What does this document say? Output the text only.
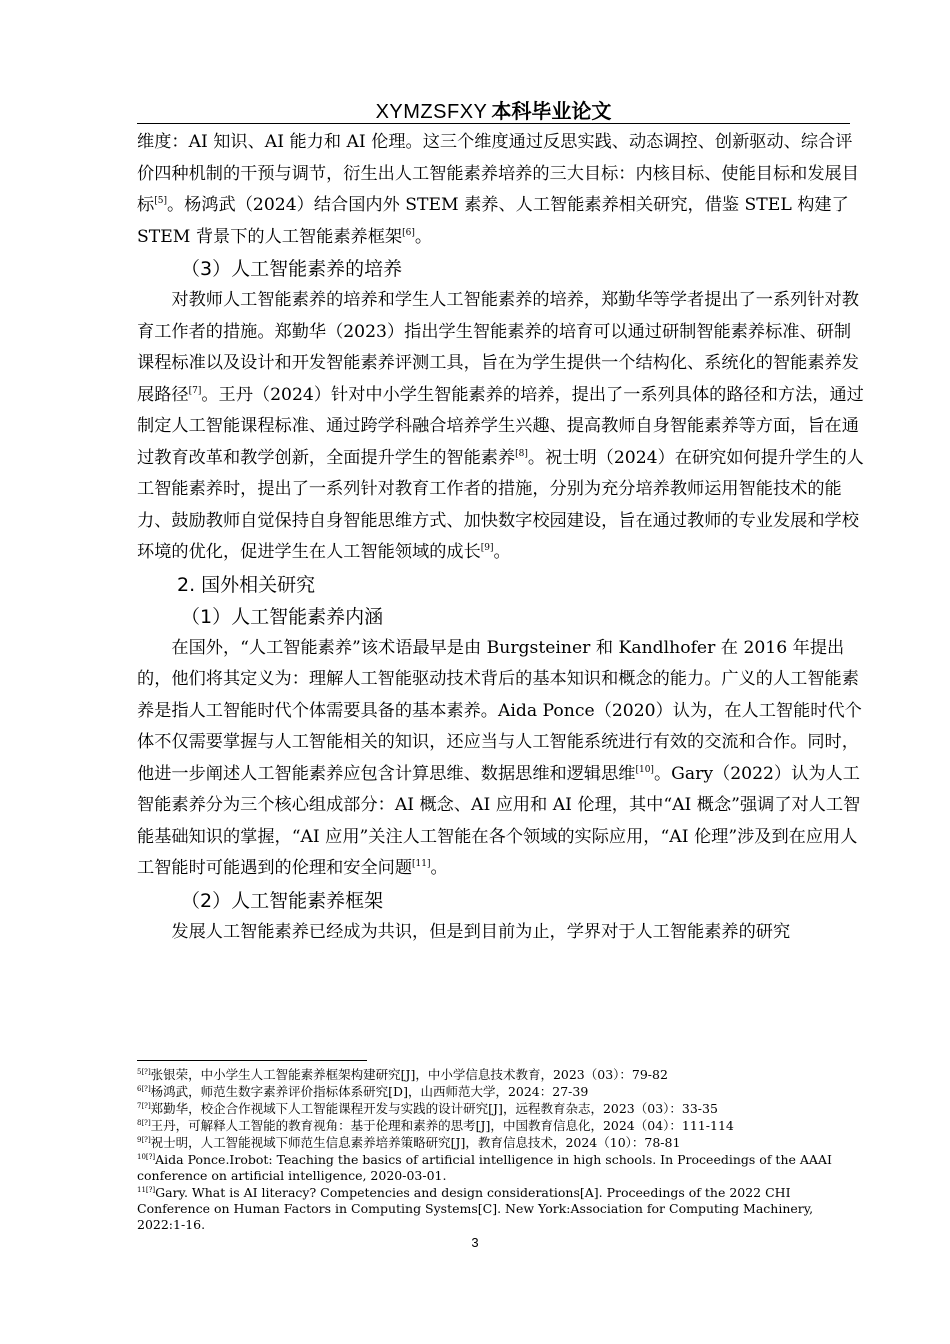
XYMZSFXY 本科毕业论文

维度：AI 知识、AI 能力和 AI 伦理。这三个维度通过反思实践、动态调控、创新驱动、综合评价四种机制的干预与调节，衍生出人工智能素养培养的三大目标：内核目标、使能目标和发展目标[5]。杨鸿武（2024）结合国内外 STEM 素养、人工智能素养相关研究，借鉴 STEL 构建了 STEM 背景下的人工智能素养框架[6]。

（3）人工智能素养的培养

对教师人工智能素养的培养和学生人工智能素养的培养，郑勤华等学者提出了一系列针对教育工作者的措施。郑勤华（2023）指出学生智能素养的培育可以通过研制智能素养标准、研制课程标准以及设计和开发智能素养评测工具，旨在为学生提供一个结构化、系统化的智能素养发展路径[7]。王丹（2024）针对中小学生智能素养的培养，提出了一系列具体的路径和方法，通过制定人工智能课程标准、通过跨学科融合培养学生兴趣、提高教师自身智能素养等方面，旨在通过教育改革和教学创新，全面提升学生的智能素养[8]。祝士明（2024）在研究如何提升学生的人工智能素养时，提出了一系列针对教育工作者的措施，分别为充分培养教师运用智能技术的能力、鼓励教师自觉保持自身智能思维方式、加快数字校园建设，旨在通过教师的专业发展和学校环境的优化，促进学生在人工智能领域的成长[9]。

2. 国外相关研究
（1）人工智能素养内涵

在国外，“人工智能素养”该术语最早是由 Burgsteiner 和 Kandlhofer 在 2016 年提出的，他们将其定义为：理解人工智能驱动技术背后的基本知识和概念的能力。广义的人工智能素养是指人工智能时代个体需要具备的基本素养。Aida Ponce（2020）认为，在人工智能时代个体不仅需要掌握与人工智能相关的知识，还应当与人工智能系统进行有效的交流和合作。同时，他进一步阐述人工智能素养应包含计算思维、数据思维和逻辑思维[10]。Gary（2022）认为人工智能素养分为三个核心组成部分：AI 概念、AI 应用和 AI 伦理，其中“AI 概念”强调了对人工智能基础知识的掌握，“AI 应用”关注人工智能在各个领域的实际应用，“AI 伦理”涉及到在应用人工智能时可能遇到的伦理和安全问题[11]。

（2）人工智能素养框架

发展人工智能素养已经成为共识，但是到目前为止，学界对于人工智能素养的研究

$^{5[?]}$张银荣，中小学生人工智能素养框架构建研究[J]，中小学信息技术教育，2023（03）：79-82
$^{6[?]}$杨鸿武，师范生数字素养评价指标体系研究[D]，山西师范大学，2024：27-39
$^{7[?]}$郑勤华，校企合作视域下人工智能课程开发与实践的设计研究[J]，远程教育杂志，2023（03）：33-35
$^{8[?]}$王丹，可解释人工智能的教育视角：基于伦理和素养的思考[J]，中国教育信息化，2024（04）：111-114
$^{9[?]}$祝士明，人工智能视域下师范生信息素养培养策略研究[J]，教育信息技术，2024（10）：78-81
$^{10[?]}$Aida Ponce.Irobot: Teaching the basics of artificial intelligence in high schools. In Proceedings of the AAAI conference on artificial intelligence, 2020-03-01.
$^{11[?]}$Gary. What is AI literacy? Competencies and design considerations[A]. Proceedings of the 2022 CHI Conference on Human Factors in Computing Systems[C]. New York:Association for Computing Machinery, 2022:1-16.
3
